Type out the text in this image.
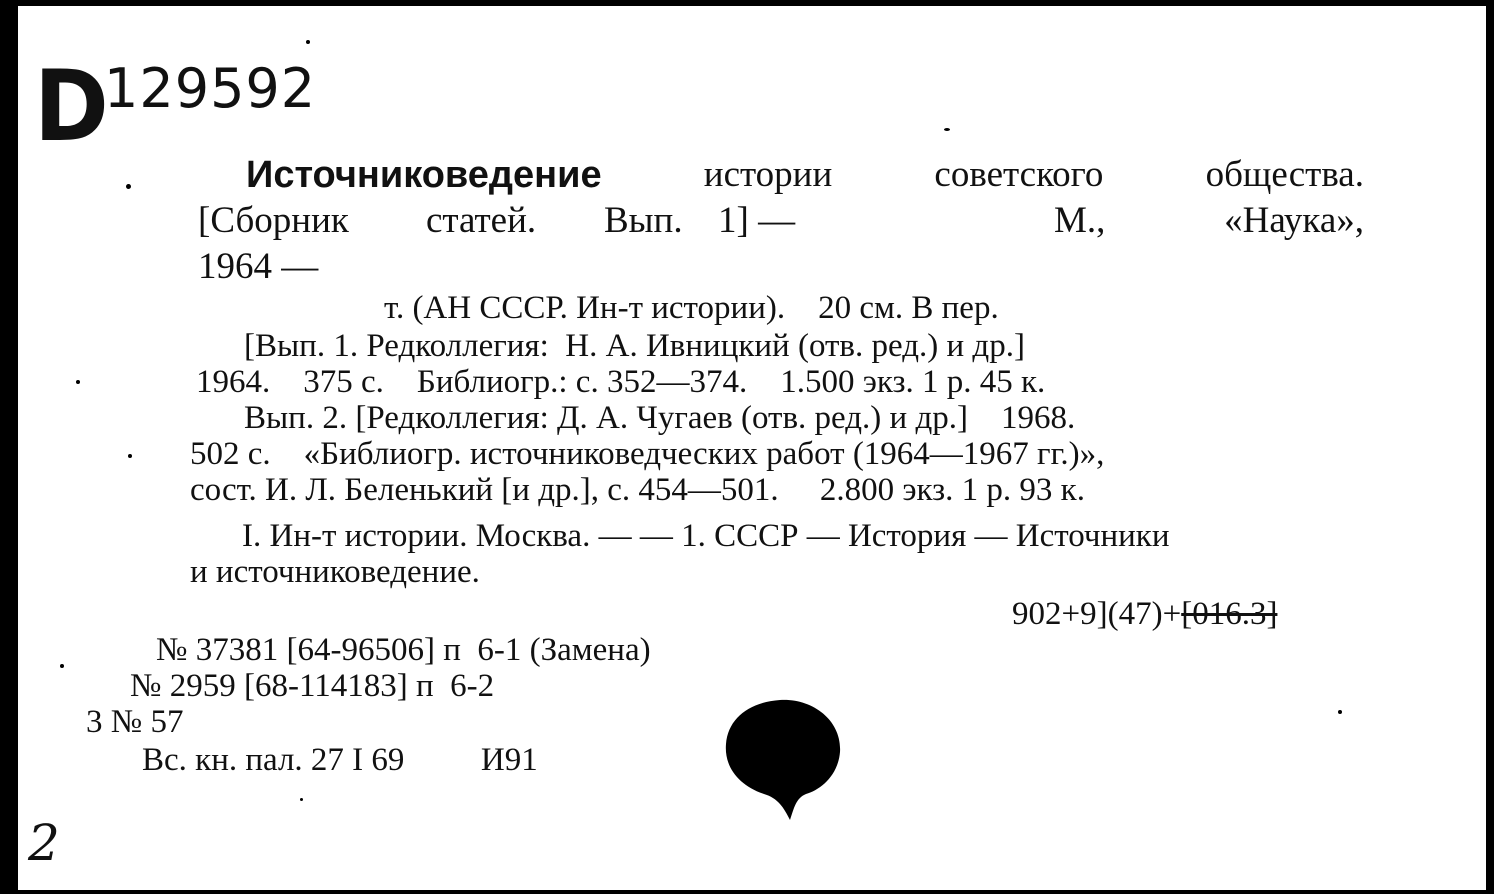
D
129592
Источниковедение	истории	советского	общества.
[Сборник статей. Вып. 1] —	М.,	«Наука»,
1964 —
т. (АН СССР. Ин-т истории).    20 см. В пер.
[Вып. 1. Редколлегия:  Н. А. Ивницкий (отв. ред.) и др.]
1964.    375 с.    Библиогр.: с. 352—374.    1.500 экз. 1 р. 45 к.
Вып. 2. [Редколлегия: Д. А. Чугаев (отв. ред.) и др.]    1968.
502 с.    «Библиогр. источниковедческих работ (1964—1967 гг.)»,
сост. И. Л. Беленький [и др.], с. 454—501.     2.800 экз. 1 р. 93 к.
I. Ин-т истории. Москва. — — 1. СССР — История — Источники
и источниковедение.
902+9](47)+[016.3]
№ 37381 [64-96506] п  6-1 (Замена)
№ 2959 [68-114183] п  6-2
3 № 57
Вс. кн. пал. 27 I 69 И91
2
